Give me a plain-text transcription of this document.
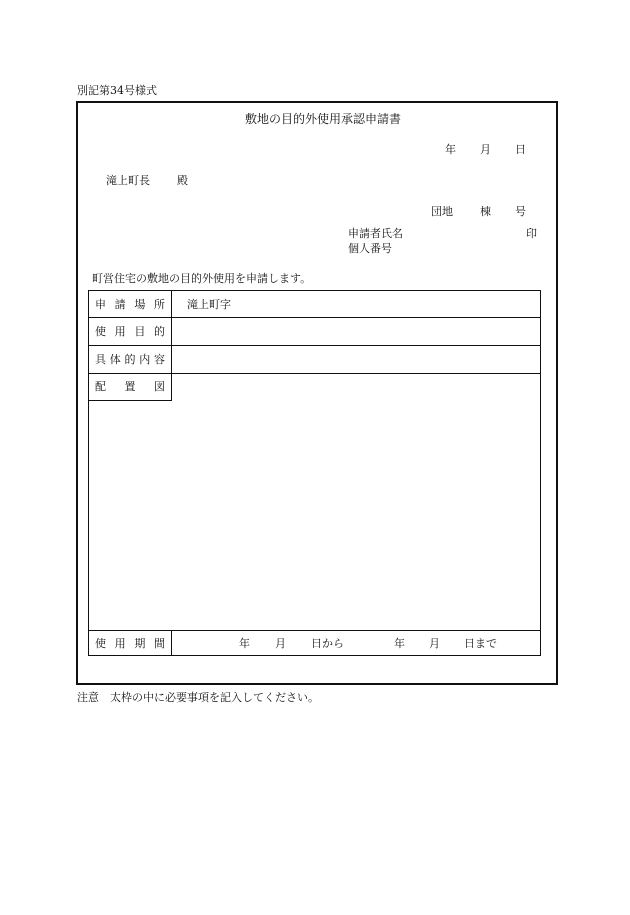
別記第34号様式
敷地の目的外使用承認申請書
年 月 日
滝上町長 殿
団地 棟 号
申請者氏名	印
個人番号
町営住宅の敷地の目的外使用を申請します。
申 請 場 所 滝上町字
使 用 目 的
具 体 的 内 容
配 置 図
使 用 期 間	年 月 日から	年 月 日まで
注意　太枠の中に必要事項を記入してください。
